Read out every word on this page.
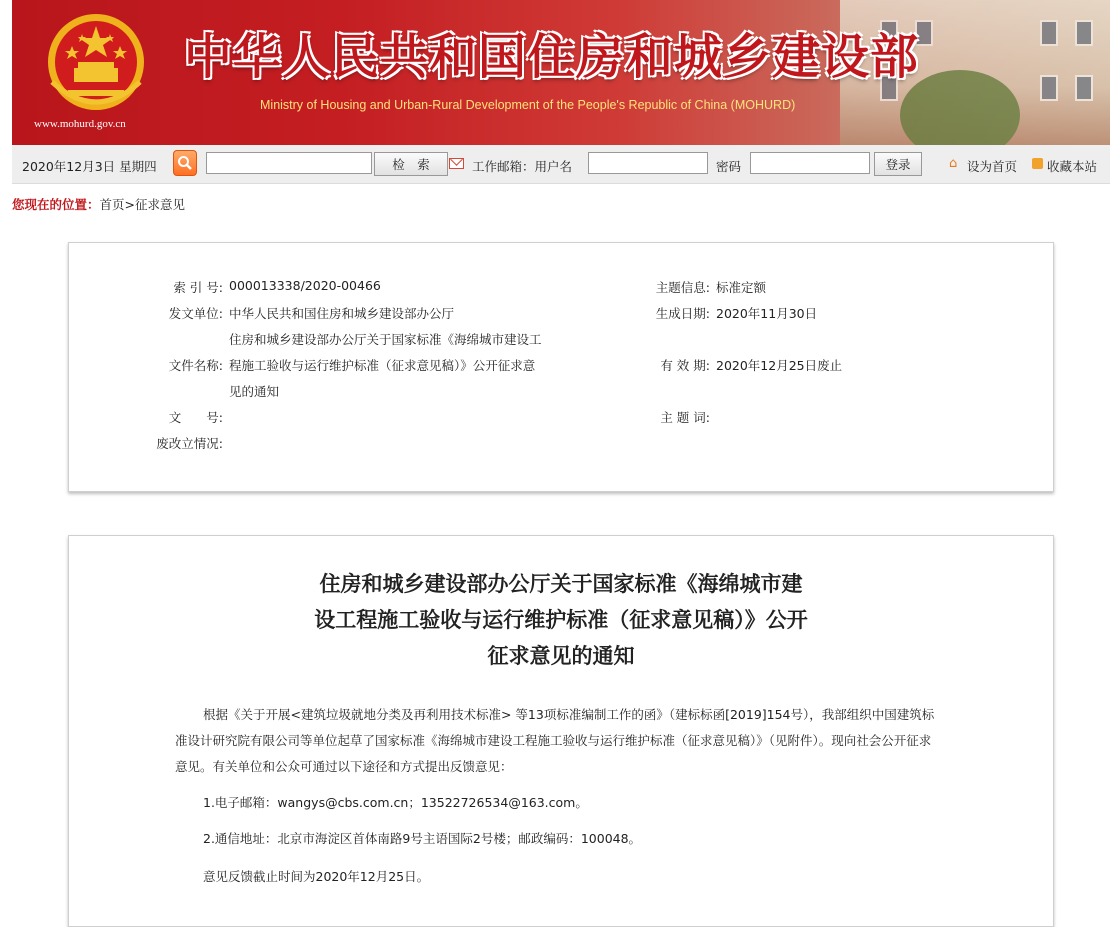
中华人民共和国住房和城乡建设部
Ministry of Housing and Urban-Rural Development of the People's Republic of China (MOHURD)
www.mohurd.gov.cn
2020年12月3日 星期四	检　索	工作邮箱：用户名	密码	登录	⌂ 设为首页 收藏本站
您现在的位置：首页>征求意见
索 引 号: 000013338/2020-00466	主题信息: 标准定额
发文单位: 中华人民共和国住房和城乡建设部办公厅	生成日期: 2020年11月30日
住房和城乡建设部办公厅关于国家标准《海绵城市建设工
文件名称: 程施工验收与运行维护标准（征求意见稿）》公开征求意	有 效 期: 2020年12月25日废止
见的通知
文　　号:	主 题 词:
废改立情况:
住房和城乡建设部办公厅关于国家标准《海绵城市建
设工程施工验收与运行维护标准（征求意见稿）》公开
征求意见的通知
根据《关于开展<建筑垃圾就地分类及再利用技术标准> 等13项标准编制工作的函》（建标标函[2019]154号），我部组织中国建筑标准设计研究院有限公司等单位起草了国家标准《海绵城市建设工程施工验收与运行维护标准（征求意见稿）》（见附件）。现向社会公开征求意见。有关单位和公众可通过以下途径和方式提出反馈意见：
1.电子邮箱：wangys@cbs.com.cn；13522726534@163.com。
2.通信地址：北京市海淀区首体南路9号主语国际2号楼；邮政编码：100048。
意见反馈截止时间为2020年12月25日。
